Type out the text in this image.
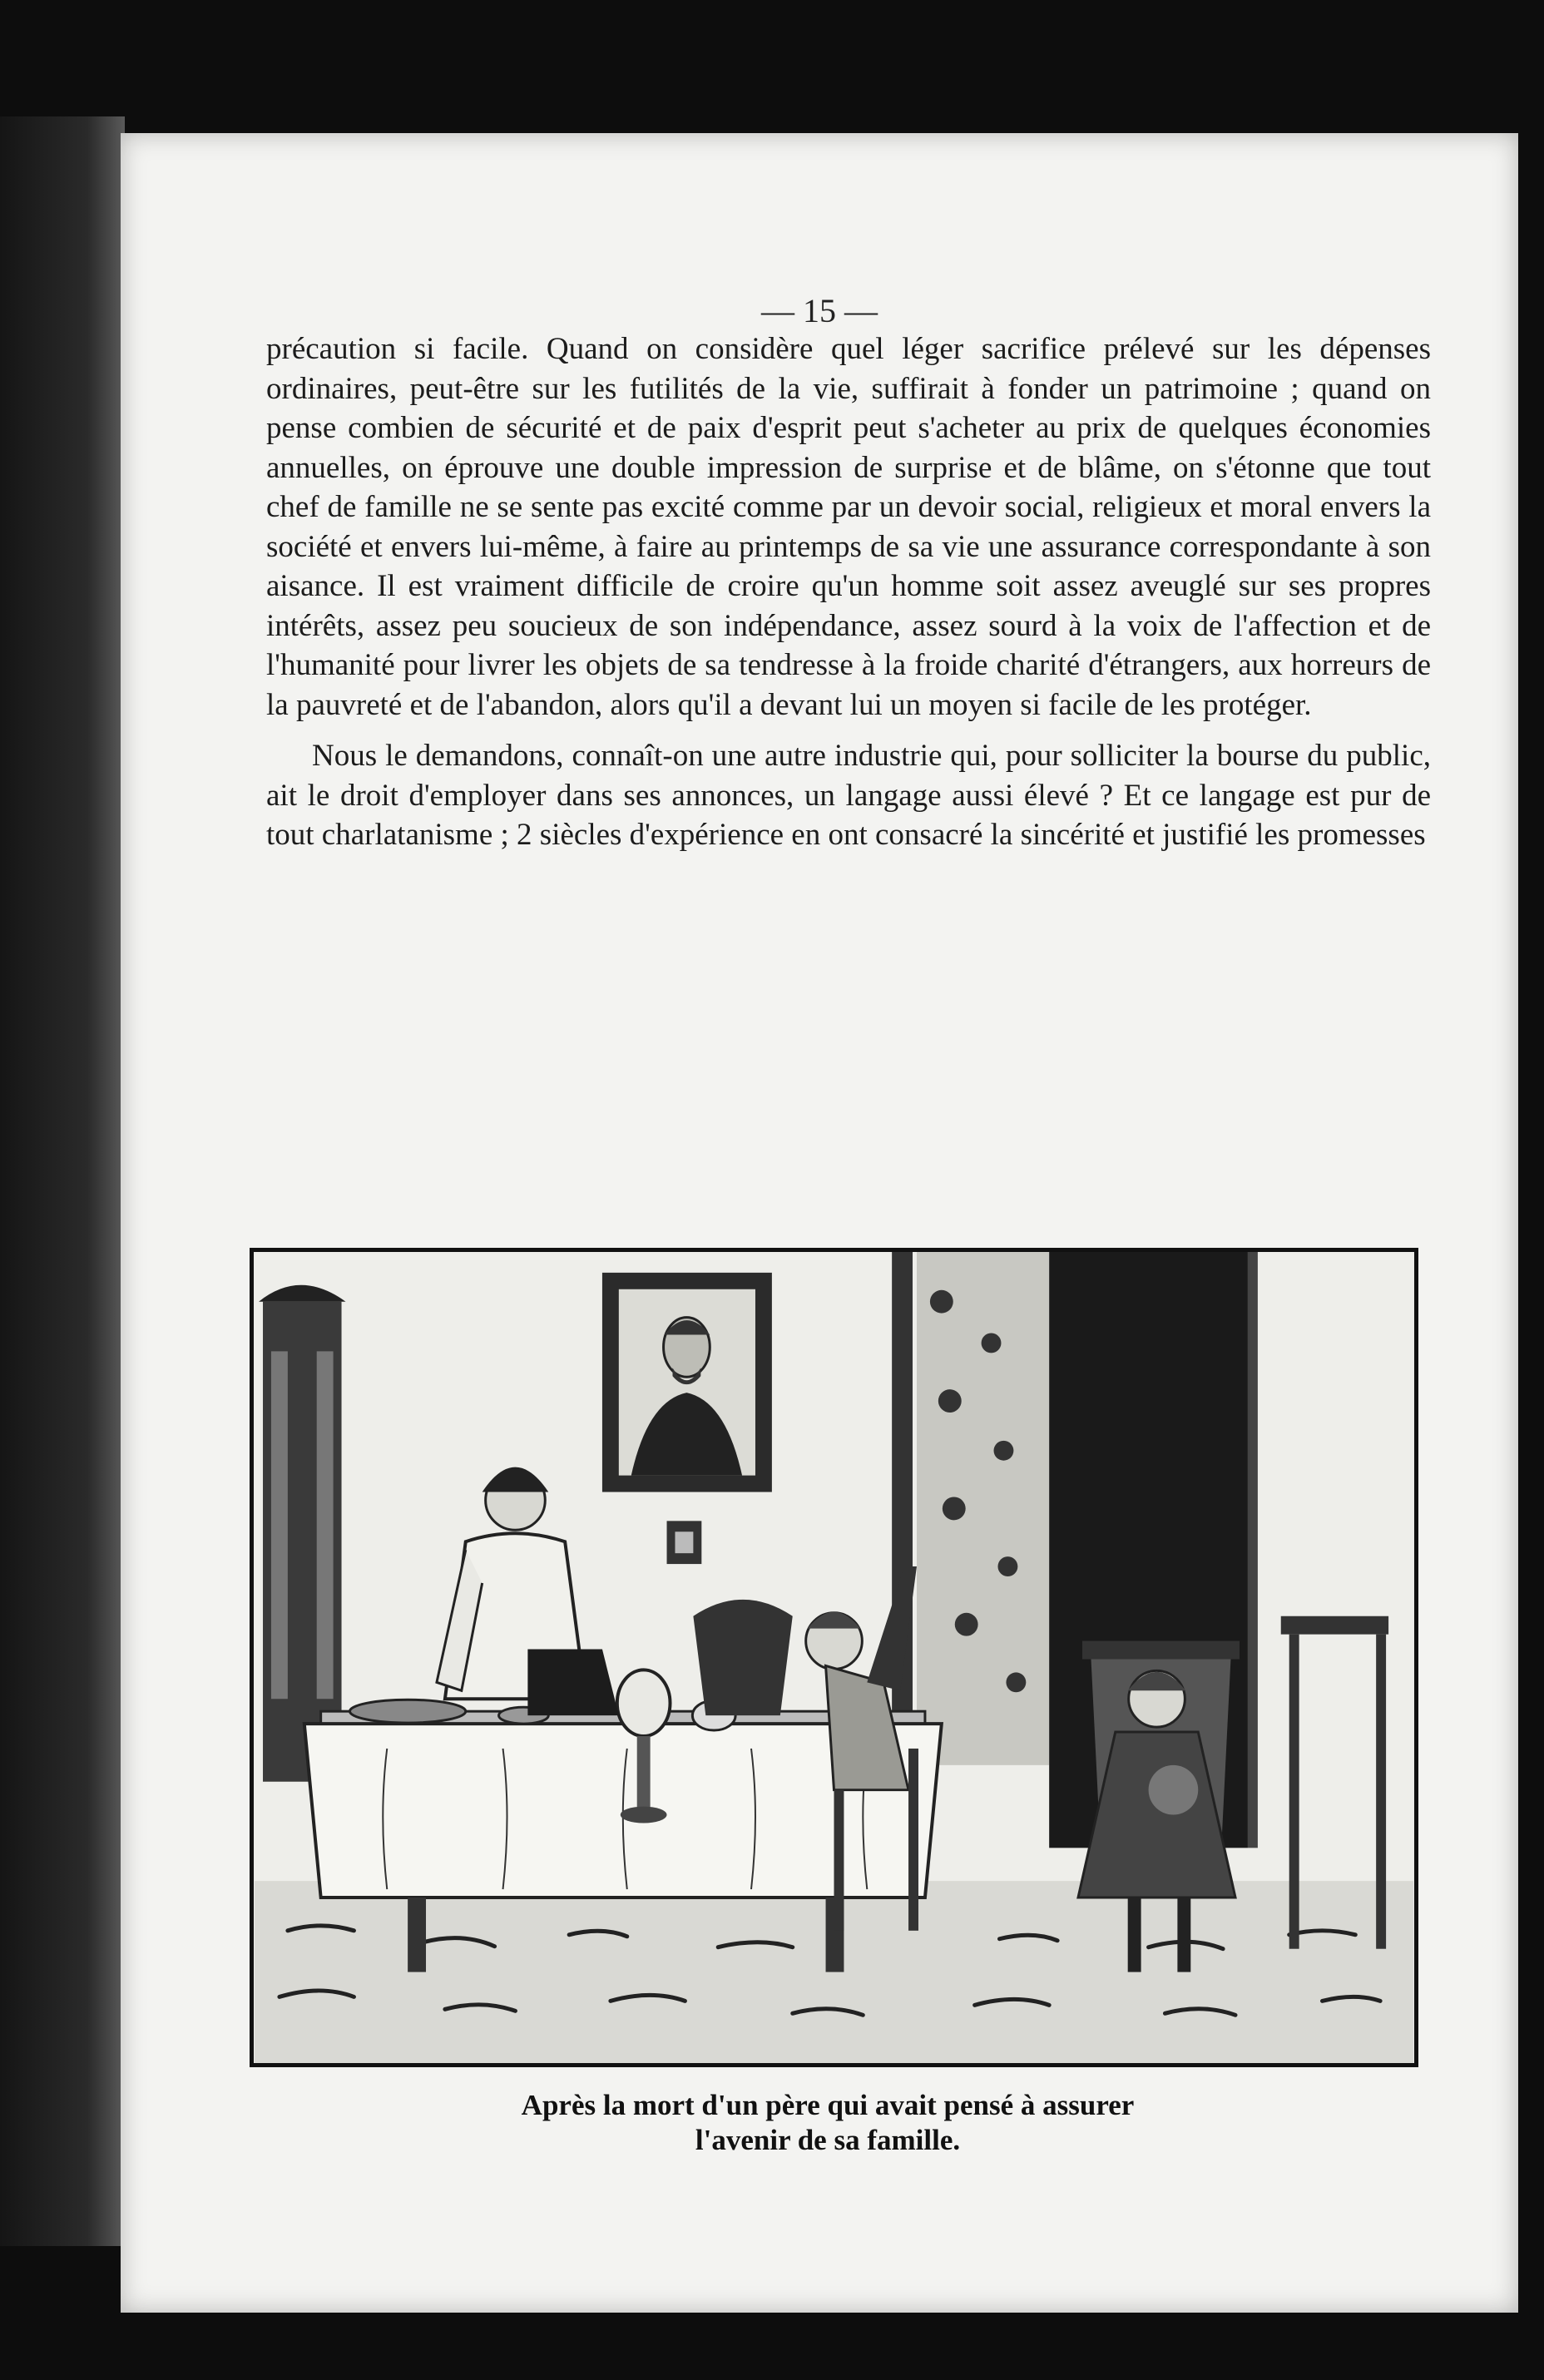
— 15 —

précaution si facile. Quand on considère quel léger sacrifice prélevé sur les dépenses ordinaires, peut-être sur les futilités de la vie, suffirait à fonder un patrimoine ; quand on pense combien de sécurité et de paix d'esprit peut s'acheter au prix de quelques économies annuelles, on éprouve une double impression de surprise et de blâme, on s'étonne que tout chef de famille ne se sente pas excité comme par un devoir social, religieux et moral envers la société et envers lui-même, à faire au printemps de sa vie une assurance correspondante à son aisance. Il est vraiment difficile de croire qu'un homme soit assez aveuglé sur ses propres intérêts, assez peu soucieux de son indépendance, assez sourd à la voix de l'affection et de l'humanité pour livrer les objets de sa tendresse à la froide charité d'étrangers, aux horreurs de la pauvreté et de l'abandon, alors qu'il a devant lui un moyen si facile de les protéger.

Nous le demandons, connaît-on une autre industrie qui, pour solliciter la bourse du public, ait le droit d'employer dans ses annonces, un langage aussi élevé ? Et ce langage est pur de tout charlatanisme ; 2 siècles d'expérience en ont consacré la sincérité et justifié les promesses

Après la mort d'un père qui avait pensé à assurer
l'avenir de sa famille.
